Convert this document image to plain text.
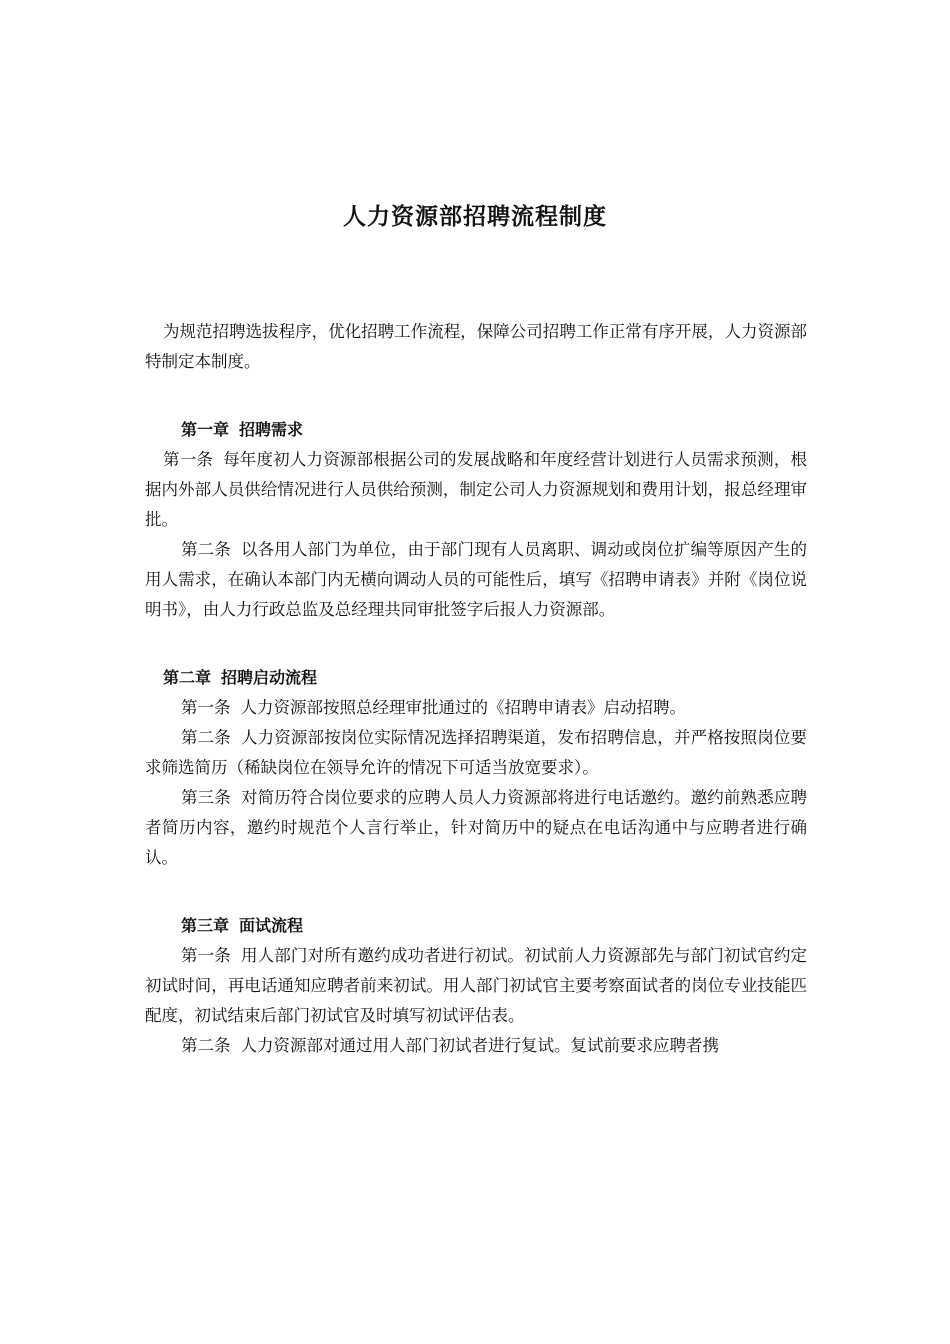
人力资源部招聘流程制度

为规范招聘选拔程序，优化招聘工作流程，保障公司招聘工作正常有序开展，人力资源部特制定本制度。

第一章 招聘需求

第一条 每年度初人力资源部根据公司的发展战略和年度经营计划进行人员需求预测，根据内外部人员供给情况进行人员供给预测，制定公司人力资源规划和费用计划，报总经理审批。

第二条 以各用人部门为单位，由于部门现有人员离职、调动或岗位扩编等原因产生的用人需求，在确认本部门内无横向调动人员的可能性后，填写《招聘申请表》并附《岗位说明书》，由人力行政总监及总经理共同审批签字后报人力资源部。

第二章 招聘启动流程

第一条 人力资源部按照总经理审批通过的《招聘申请表》启动招聘。

第二条 人力资源部按岗位实际情况选择招聘渠道，发布招聘信息，并严格按照岗位要求筛选简历（稀缺岗位在领导允许的情况下可适当放宽要求）。

第三条 对简历符合岗位要求的应聘人员人力资源部将进行电话邀约。邀约前熟悉应聘者简历内容，邀约时规范个人言行举止，针对简历中的疑点在电话沟通中与应聘者进行确认。

第三章 面试流程

第一条 用人部门对所有邀约成功者进行初试。初试前人力资源部先与部门初试官约定初试时间，再电话通知应聘者前来初试。用人部门初试官主要考察面试者的岗位专业技能匹配度，初试结束后部门初试官及时填写初试评估表。

第二条 人力资源部对通过用人部门初试者进行复试。复试前要求应聘者携
